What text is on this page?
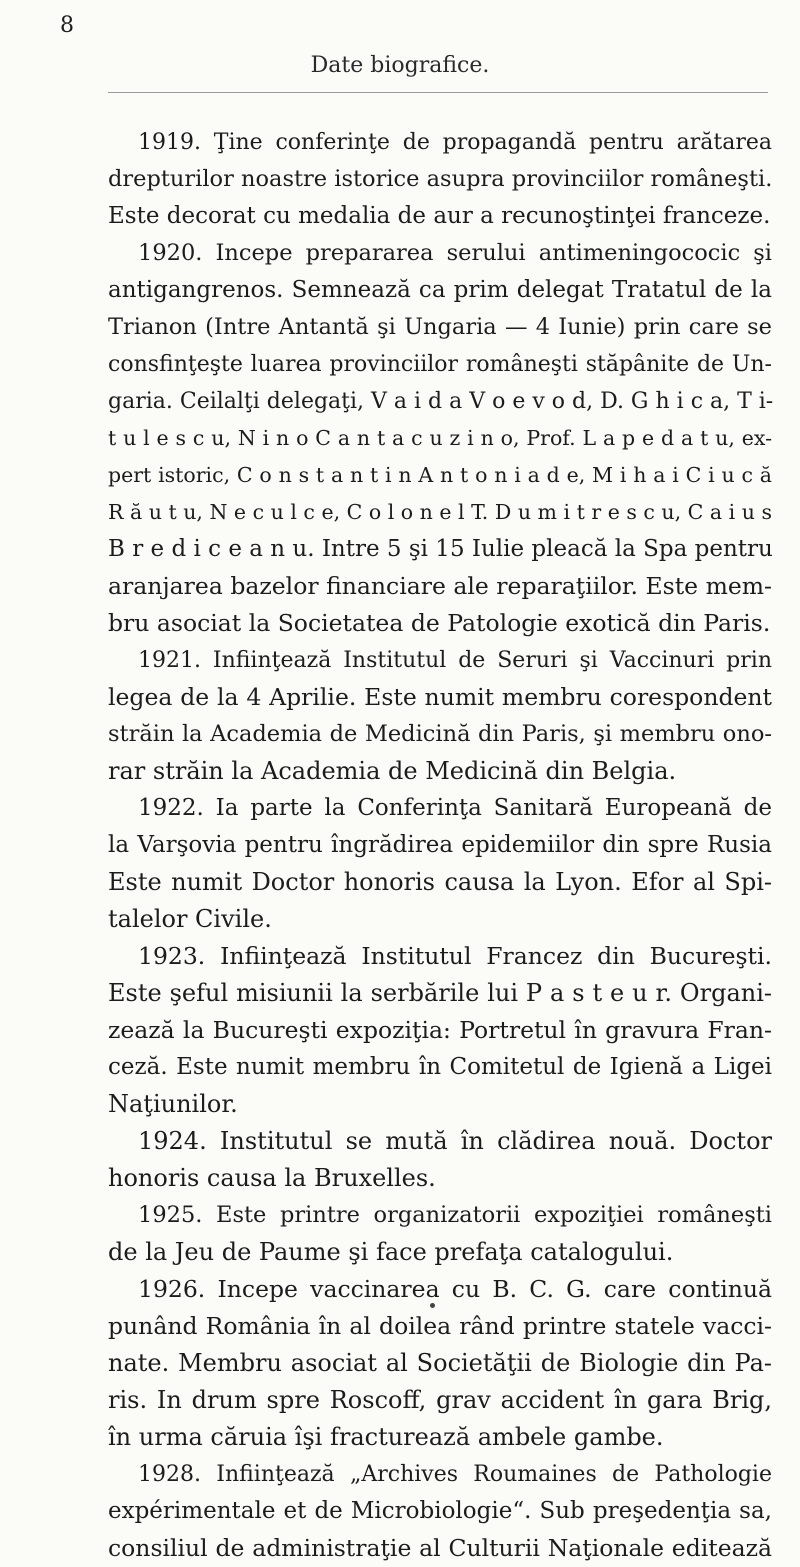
8
Date biografice.

1919. Ţine conferinţe de propagandă pentru arătarea
drepturilor noastre istorice asupra provinciilor româneşti.
Este decorat cu medalia de aur a recunoştinţei franceze.

1920. Incepe prepararea serului antimeningococic şi
antigangrenos. Semnează ca prim delegat Tratatul de la
Trianon (Intre Antantă şi Ungaria — 4 Iunie) prin care se
consfinţeşte luarea provinciilor româneşti stăpânite de Un-
garia. Ceilalţi delegaţi, V a i d a V o e v o d, D. G h i c a, T i-
t u l e s c u, N i n o C a n t a c u z i n o, Prof. L a p e d a t u, ex-
pert istoric, C o n s t a n t i n A n t o n i a d e, M i h a i C i u c ă
R ă u t u, N e c u l c e, C o l o n e l T. D u m i t r e s c u, C a i u s
B r e d i c e a n u. Intre 5 şi 15 Iulie pleacă la Spa pentru
aranjarea bazelor financiare ale reparaţiilor. Este mem-
bru asociat la Societatea de Patologie exotică din Paris.

1921. Infiinţează Institutul de Seruri şi Vaccinuri prin
legea de la 4 Aprilie. Este numit membru corespondent
străin la Academia de Medicină din Paris, şi membru ono-
rar străin la Academia de Medicină din Belgia.

1922. Ia parte la Conferinţa Sanitară Europeană de
la Varşovia pentru îngrădirea epidemiilor din spre Rusia
Este numit Doctor honoris causa la Lyon. Efor al Spi-
talelor Civile.

1923. Infiinţează Institutul Francez din Bucureşti.
Este şeful misiunii la serbările lui P a s t e u r. Organi-
zează la Bucureşti expoziţia: Portretul în gravura Fran-
ceză. Este numit membru în Comitetul de Igienă a Ligei
Naţiunilor.

1924. Institutul se mută în clădirea nouă. Doctor
honoris causa la Bruxelles.

1925. Este printre organizatorii expoziţiei româneşti
de la Jeu de Paume şi face prefaţa catalogului.

1926. Incepe vaccinarea cu B. C. G. care continuă
punând România în al doilea rând printre statele vacci-
nate. Membru asociat al Societăţii de Biologie din Pa-
ris. In drum spre Roscoff, grav accident în gara Brig,
în urma căruia îşi fracturează ambele gambe.

1928. Infiinţează „Archives Roumaines de Pathologie
expérimentale et de Microbiologie“. Sub preşedenţia sa,
consiliul de administraţie al Culturii Naţionale editează
